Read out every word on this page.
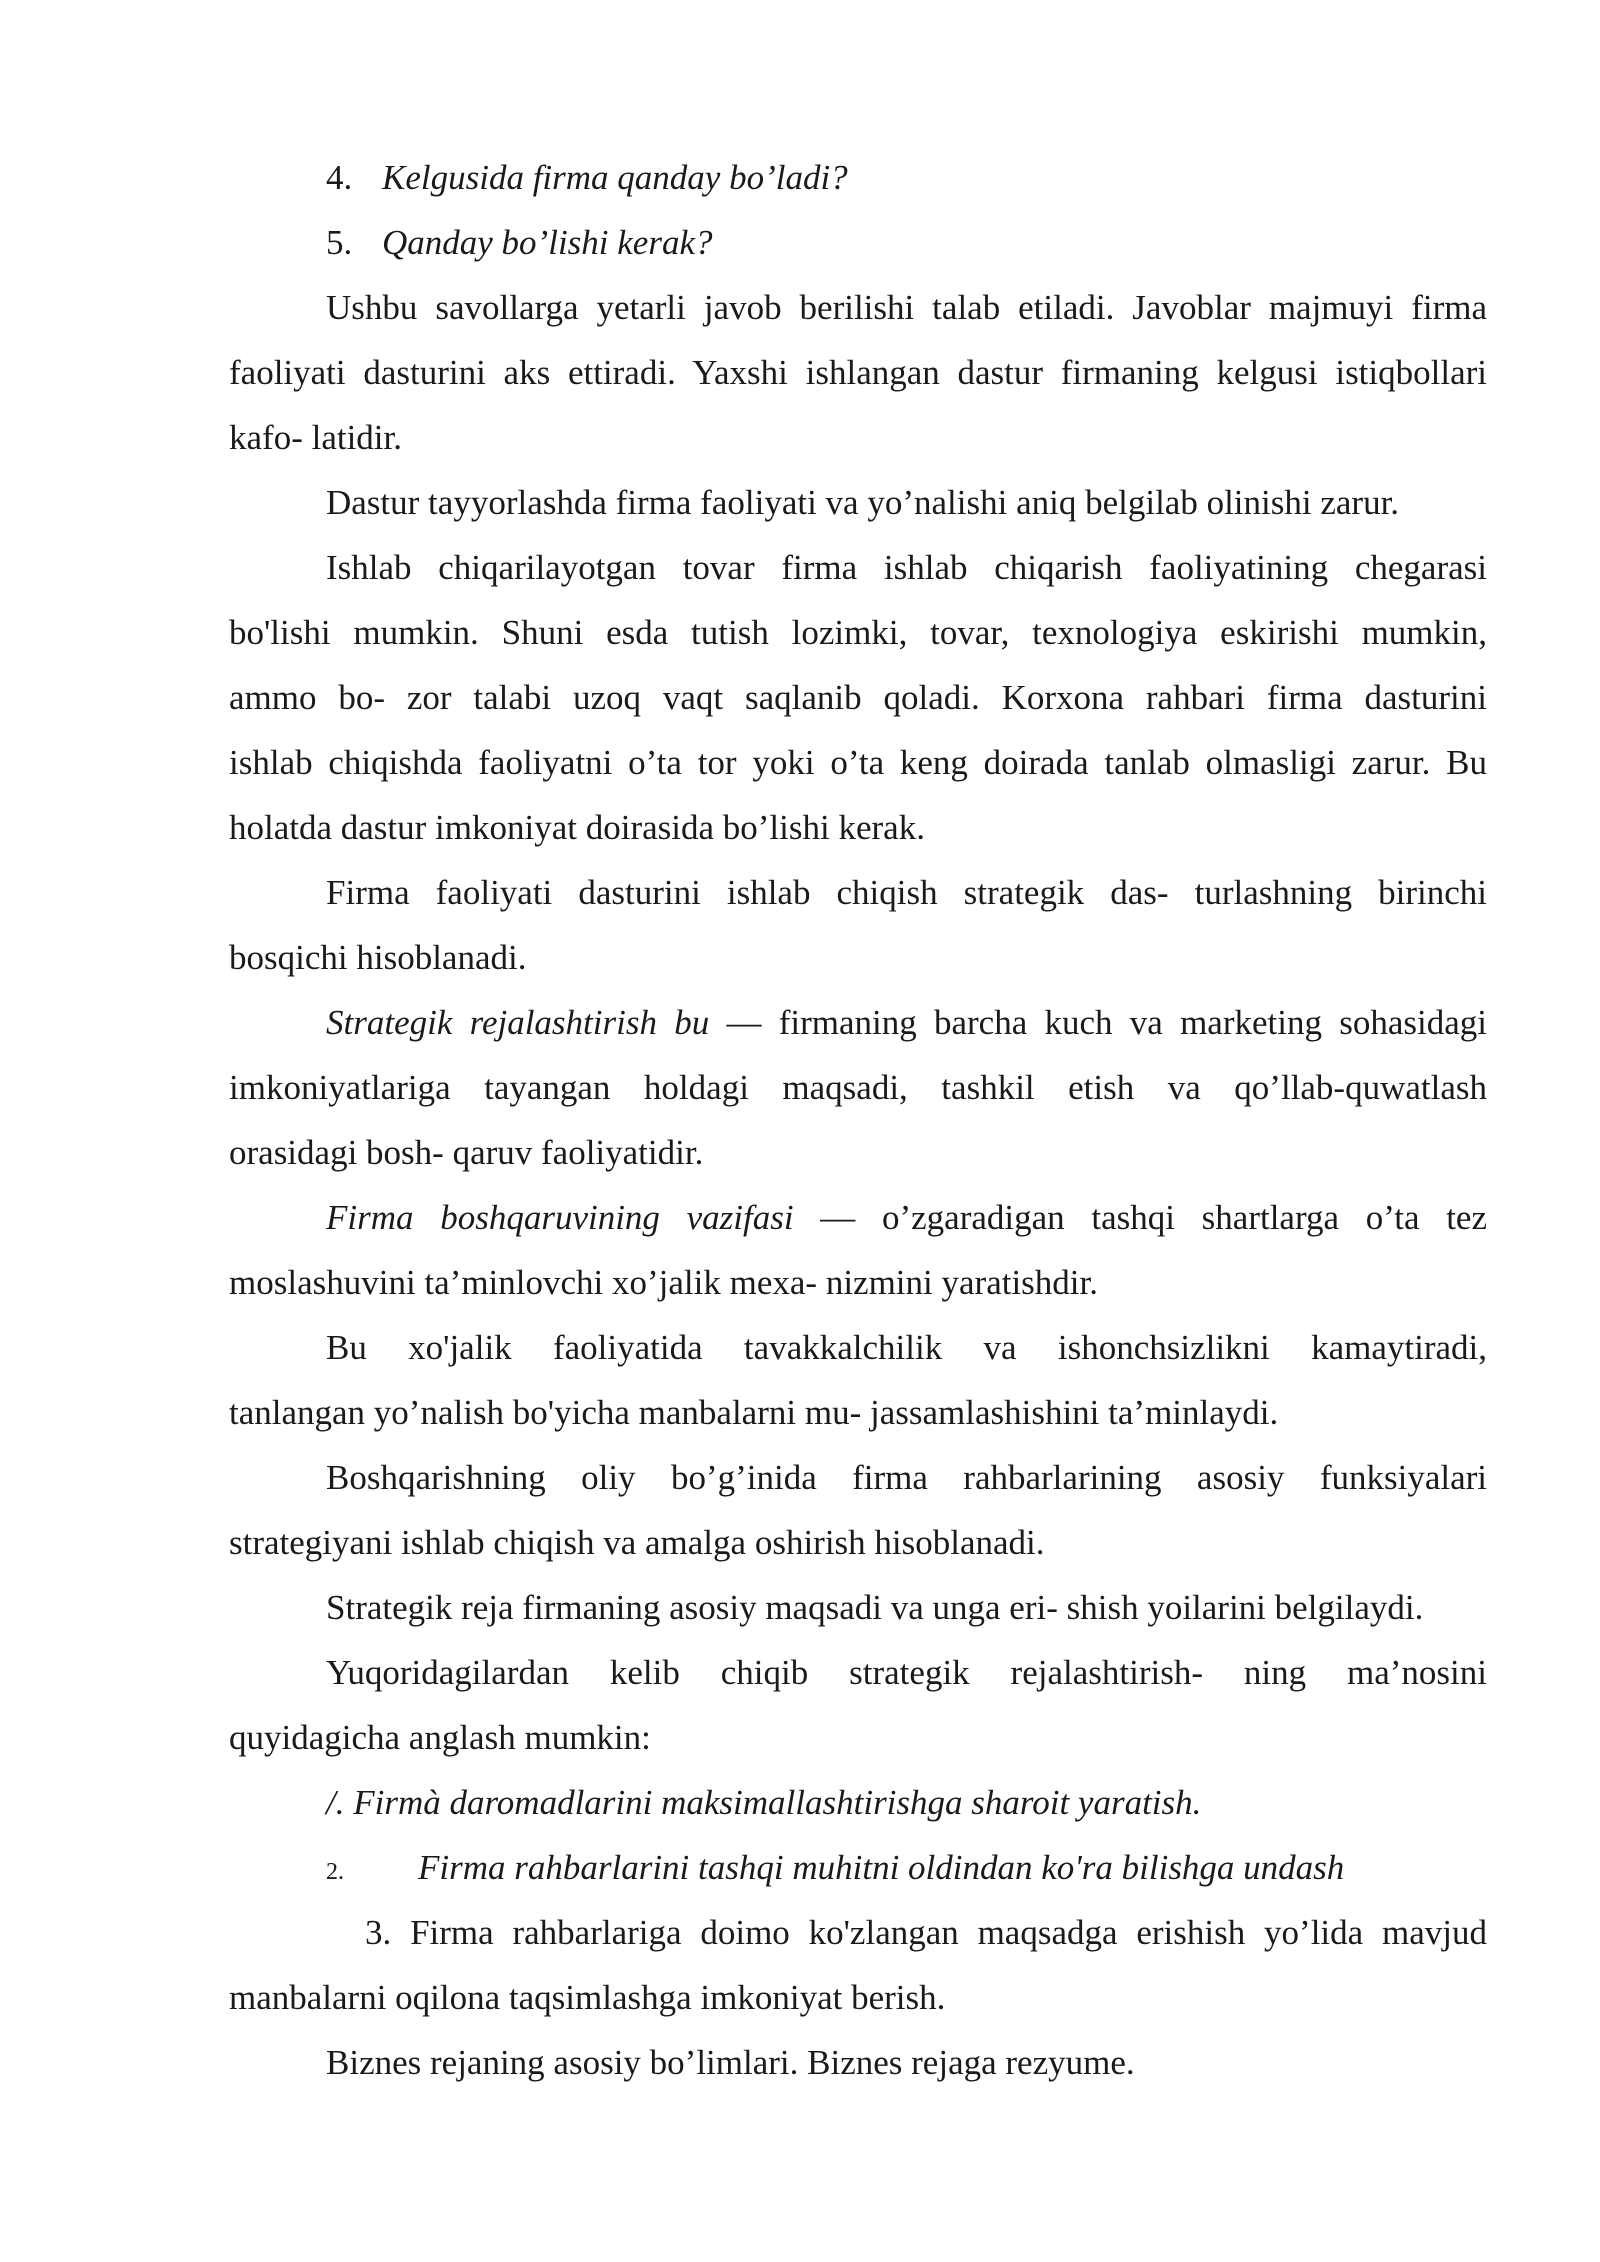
4. Kelgusida firma qanday bo’ladi?
5. Qanday bo’lishi kerak?
Ushbu savollarga yetarli javob berilishi talab etiladi. Javoblar majmuyi firma
faoliyati dasturini aks ettiradi. Yaxshi ishlangan dastur firmaning kelgusi istiqbollari
kafo- latidir.
Dastur tayyorlashda firma faoliyati va yo’nalishi aniq belgilab olinishi zarur.
Ishlab chiqarilayotgan tovar firma ishlab chiqarish faoliyatining chegarasi
bo'lishi mumkin. Shuni esda tutish lozimki, tovar, texnologiya eskirishi mumkin,
ammo bo- zor talabi uzoq vaqt saqlanib qoladi. Korxona rahbari firma dasturini
ishlab chiqishda faoliyatni o’ta tor yoki o’ta keng doirada tanlab olmasligi zarur. Bu
holatda dastur imkoniyat doirasida bo’lishi kerak.
Firma faoliyati dasturini ishlab chiqish strategik das- turlashning birinchi
bosqichi hisoblanadi.
Strategik rejalashtirish bu — firmaning barcha kuch va marketing sohasidagi
imkoniyatlariga tayangan holdagi maqsadi, tashkil etish va qo’llab-quwatlash
orasidagi bosh- qaruv faoliyatidir.
Firma boshqaruvining vazifasi — o’zgaradigan tashqi shartlarga o’ta tez
moslashuvini ta’minlovchi xo’jalik mexa- nizmini yaratishdir.
Bu xo'jalik faoliyatida tavakkalchilik va ishonchsizlikni kamaytiradi,
tanlangan yo’nalish bo'yicha manbalarni mu- jassamlashishini ta’minlaydi.
Boshqarishning oliy bo’g’inida firma rahbarlarining asosiy funksiyalari
strategiyani ishlab chiqish va amalga oshirish hisoblanadi.
Strategik reja firmaning asosiy maqsadi va unga eri- shish yoilarini belgilaydi.
Yuqoridagilardan kelib chiqib strategik rejalashtirish- ning ma’nosini
quyidagicha anglash mumkin:
/. Firmà daromadlarini maksimallashtirishga sharoit yaratish.
2. Firma rahbarlarini tashqi muhitni oldindan ko'ra bilishga undash
3. Firma rahbarlariga doimo ko'zlangan maqsadga erishish yo’lida mavjud
manbalarni oqilona taqsimlashga imkoniyat berish.
Biznes rejaning asosiy bo’limlari. Biznes rejaga rezyume.
